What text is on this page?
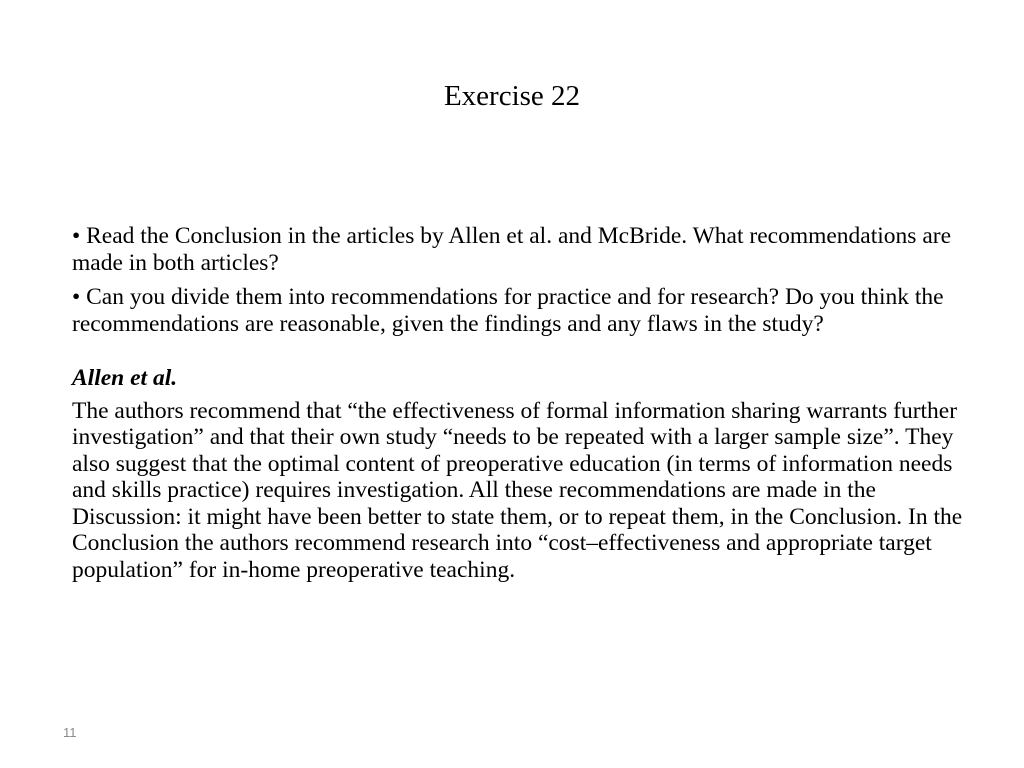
Exercise 22

• Read the Conclusion in the articles by Allen et al. and McBride. What recommendations are made in both articles?

• Can you divide them into recommendations for practice and for research? Do you think the recommendations are reasonable, given the findings and any flaws in the study?

Allen et al.

The authors recommend that “the effectiveness of formal information sharing warrants further investigation” and that their own study “needs to be repeated with a larger sample size”. They also suggest that the optimal content of preoperative education (in terms of information needs and skills practice) requires investigation. All these recommendations are made in the Discussion: it might have been better to state them, or to repeat them, in the Conclusion. In the Conclusion the authors recommend research into “cost–effectiveness and appropriate target population” for in-home preoperative teaching.

11
